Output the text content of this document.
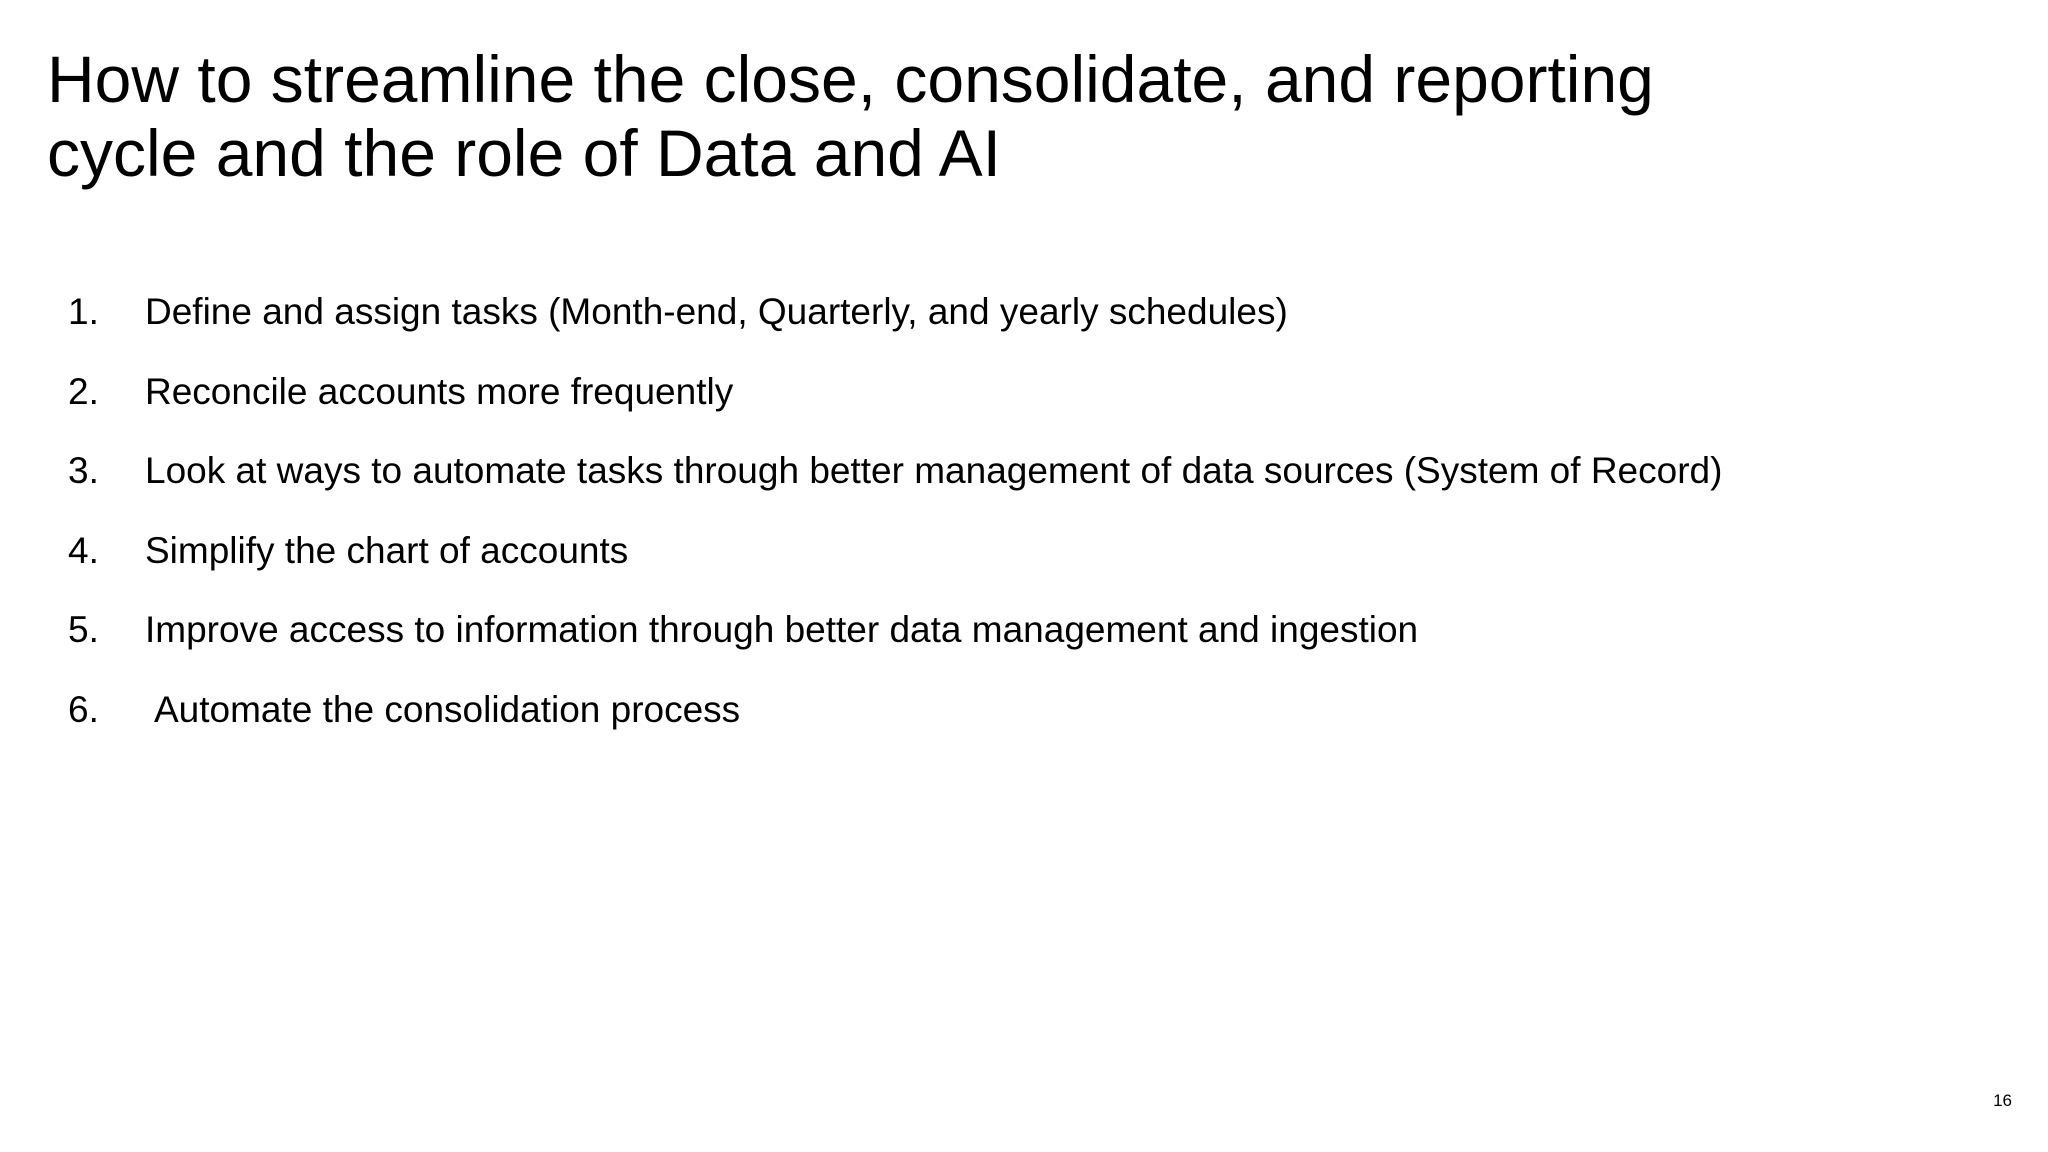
How to streamline the close, consolidate, and reporting
cycle and the role of Data and AI
1. Define and assign tasks (Month-end, Quarterly, and yearly schedules)
2. Reconcile accounts more frequently
3. Look at ways to automate tasks through better management of data sources (System of Record)
4. Simplify the chart of accounts
5. Improve access to information through better data management and ingestion
6. Automate the consolidation process
16
